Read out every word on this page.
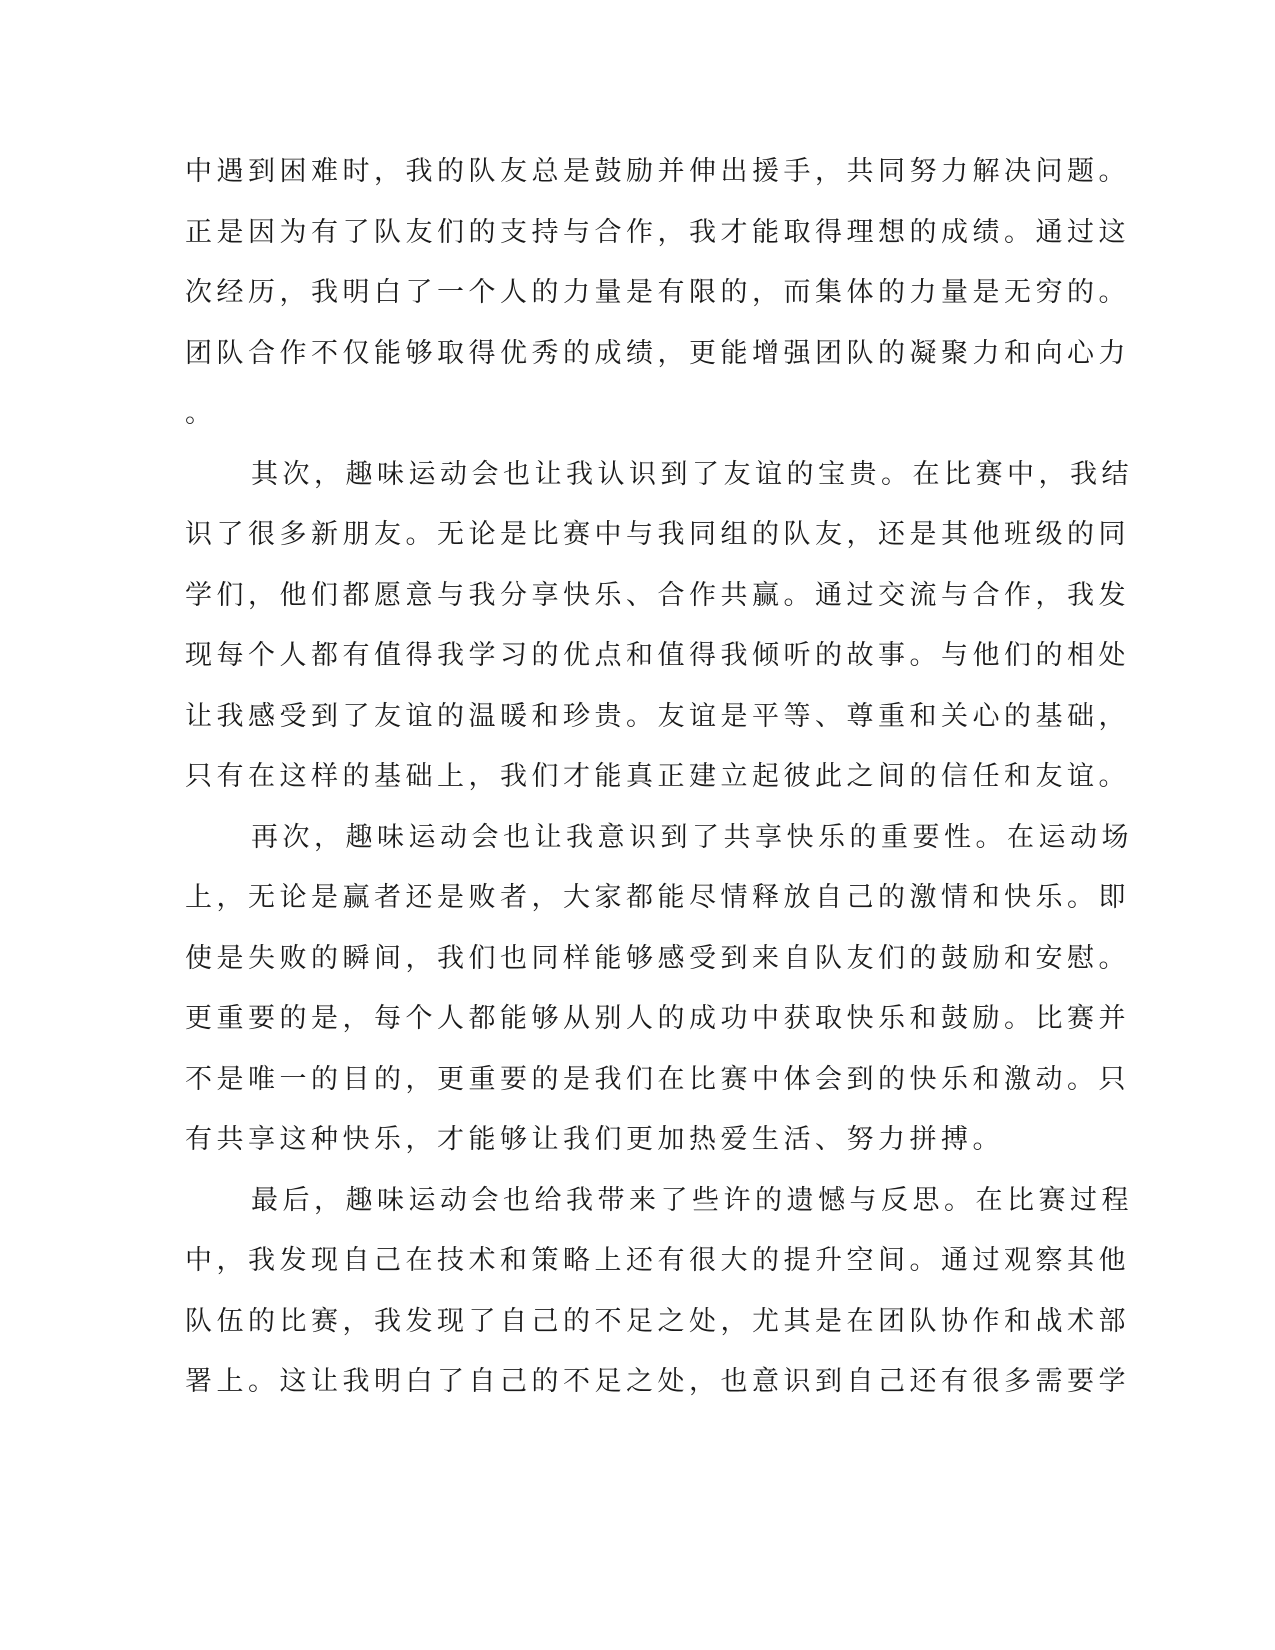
中遇到困难时，我的队友总是鼓励并伸出援手，共同努力解决问题。
正是因为有了队友们的支持与合作，我才能取得理想的成绩。通过这
次经历，我明白了一个人的力量是有限的，而集体的力量是无穷的。
团队合作不仅能够取得优秀的成绩，更能增强团队的凝聚力和向心力
。
其次，趣味运动会也让我认识到了友谊的宝贵。在比赛中，我结
识了很多新朋友。无论是比赛中与我同组的队友，还是其他班级的同
学们，他们都愿意与我分享快乐、合作共赢。通过交流与合作，我发
现每个人都有值得我学习的优点和值得我倾听的故事。与他们的相处
让我感受到了友谊的温暖和珍贵。友谊是平等、尊重和关心的基础，
只有在这样的基础上，我们才能真正建立起彼此之间的信任和友谊。
再次，趣味运动会也让我意识到了共享快乐的重要性。在运动场
上，无论是赢者还是败者，大家都能尽情释放自己的激情和快乐。即
使是失败的瞬间，我们也同样能够感受到来自队友们的鼓励和安慰。
更重要的是，每个人都能够从别人的成功中获取快乐和鼓励。比赛并
不是唯一的目的，更重要的是我们在比赛中体会到的快乐和激动。只
有共享这种快乐，才能够让我们更加热爱生活、努力拼搏。
最后，趣味运动会也给我带来了些许的遗憾与反思。在比赛过程
中，我发现自己在技术和策略上还有很大的提升空间。通过观察其他
队伍的比赛，我发现了自己的不足之处，尤其是在团队协作和战术部
署上。这让我明白了自己的不足之处，也意识到自己还有很多需要学
